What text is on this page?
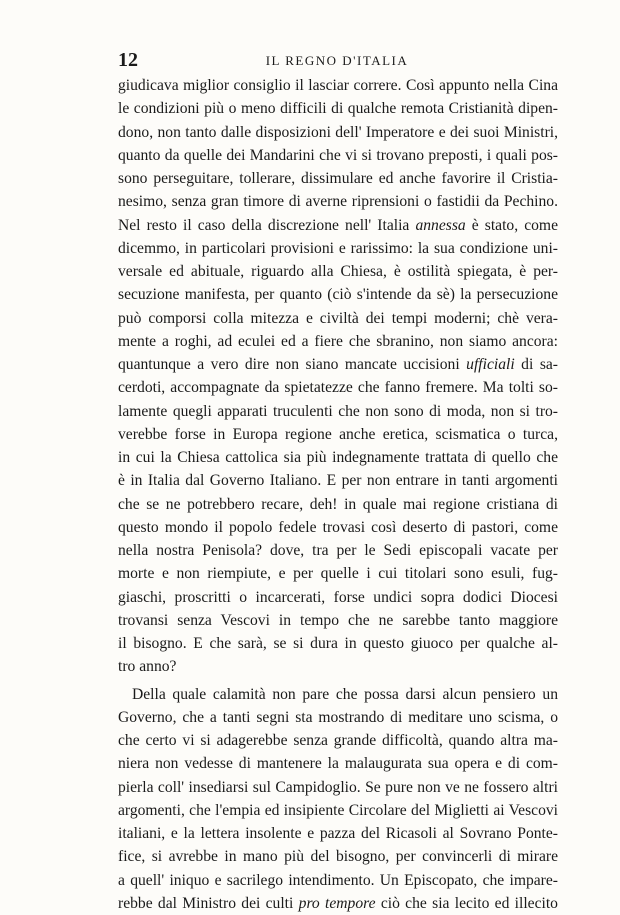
12	IL REGNO D'ITALIA
giudicava miglior consiglio il lasciar correre. Così appunto nella Cina
le condizioni più o meno difficili di qualche remota Cristianità dipen-
dono, non tanto dalle disposizioni dell' Imperatore e dei suoi Ministri,
quanto da quelle dei Mandarini che vi si trovano preposti, i quali pos-
sono perseguitare, tollerare, dissimulare ed anche favorire il Cristia-
nesimo, senza gran timore di averne riprensioni o fastidii da Pechino.
Nel resto il caso della discrezione nell' Italia annessa è stato, come
dicemmo, in particolari provisioni e rarissimo: la sua condizione uni-
versale ed abituale, riguardo alla Chiesa, è ostilità spiegata, è per-
secuzione manifesta, per quanto (ciò s'intende da sè) la persecuzione
può comporsi colla mitezza e civiltà dei tempi moderni; chè vera-
mente a roghi, ad eculei ed a fiere che sbranino, non siamo ancora:
quantunque a vero dire non siano mancate uccisioni ufficiali di sa-
cerdoti, accompagnate da spietatezze che fanno fremere. Ma tolti so-
lamente quegli apparati truculenti che non sono di moda, non si tro-
verebbe forse in Europa regione anche eretica, scismatica o turca,
in cui la Chiesa cattolica sia più indegnamente trattata di quello che
è in Italia dal Governo Italiano. E per non entrare in tanti argomenti
che se ne potrebbero recare, deh! in quale mai regione cristiana di
questo mondo il popolo fedele trovasi così deserto di pastori, come
nella nostra Penisola? dove, tra per le Sedi episcopali vacate per
morte e non riempiute, e per quelle i cui titolari sono esuli, fug-
giaschi, proscritti o incarcerati, forse undici sopra dodici Diocesi
trovansi senza Vescovi in tempo che ne sarebbe tanto maggiore
il bisogno. E che sarà, se si dura in questo giuoco per qualche al-
tro anno?
Della quale calamità non pare che possa darsi alcun pensiero un
Governo, che a tanti segni sta mostrando di meditare uno scisma, o
che certo vi si adagerebbe senza grande difficoltà, quando altra ma-
niera non vedesse di mantenere la malaugurata sua opera e di com-
pierla coll' insediarsi sul Campidoglio. Se pure non ve ne fossero altri
argomenti, che l'empia ed insipiente Circolare del Miglietti ai Vescovi
italiani, e la lettera insolente e pazza del Ricasoli al Sovrano Ponte-
fice, si avrebbe in mano più del bisogno, per convincerli di mirare
a quell' iniquo e sacrilego intendimento. Un Episcopato, che impare-
rebbe dal Ministro dei culti pro tempore ciò che sia lecito ed illecito
